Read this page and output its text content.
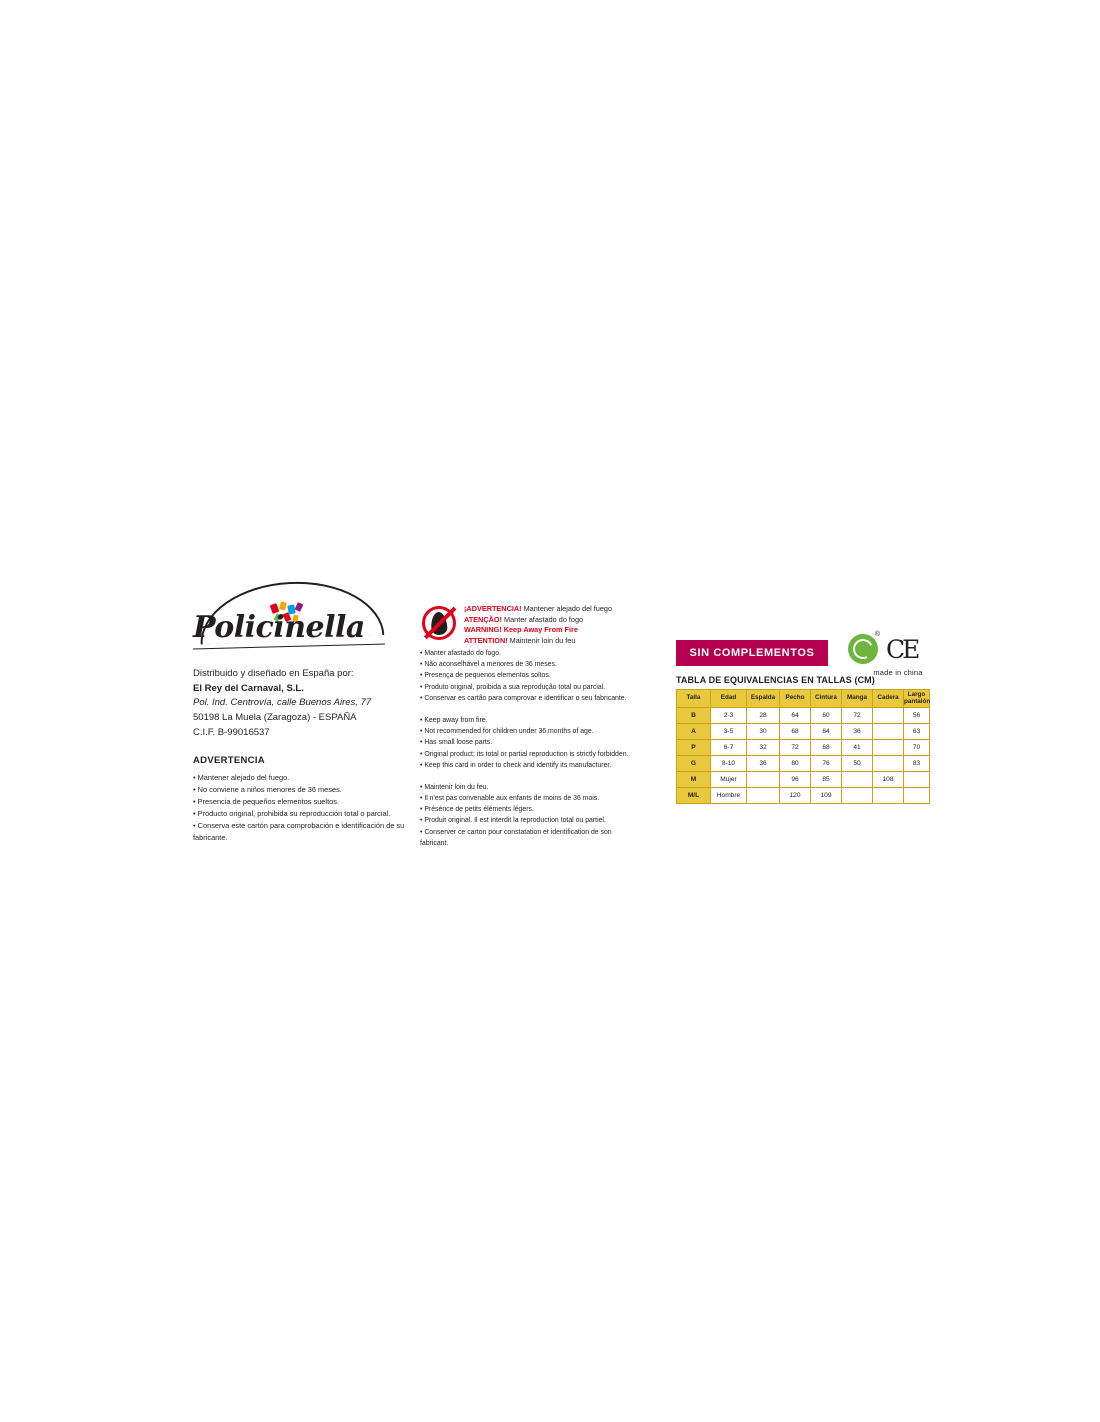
Policinella
Distribuido y diseñado en España por:
El Rey del Carnaval, S.L.
Pol. Ind. Centrovía, calle Buenos Aires, 77
50198 La Muela (Zaragoza) - ESPAÑA
C.I.F. B-99016537
ADVERTENCIA
• Mantener alejado del fuego.
• No conviene a niños menores de 36 meses.
• Presencia de pequeños elementos sueltos.
• Producto original, prohibida su reproducción total o parcial.
• Conserva este cartón para comprobación e identificación de su fabricante.
¡ADVERTENCIA! Mantener alejado del fuego
ATENÇÃO! Manter afastado do fogo
WARNING! Keep Away From Fire
ATTENTION! Maintenir loin du feu
• Manter afastado do fogo.
• Não aconselhável a menores de 36 meses.
• Presença de pequenos elementos soltos.
• Produto original, proibida a sua reprodução total ou parcial.
• Conservar es cartão para comprovar e identificar o seu fabricante.
• Keep away from fire.
• Not recommended for children under 36 months of age.
• Has small loose parts.
• Original product; its total or partial reproduction is strictly forbidden.
• Keep this card in order to check and identify its manufacturer.
• Maintenir loin du feu.
• Il n'est pas convenable aux enfants de moins de 36 mois.
• Présénce de petits éléments légers.
• Produit original. Il est interdit la reproduction total ou partiel.
• Conserver ce carton pour constatation et identification de son fabricant.
SIN COMPLEMENTOS
® CE
made in china
TABLA DE EQUIVALENCIAS EN TALLAS (CM)
Talla	Edad	Espalda	Pecho	Cintura	Manga	Cadera	Largo pantalón
B	2-3	28	64	60	72		56
A	3-5	30	68	64	36		63
P	6-7	32	72	68	41		70
G	8-10	36	80	76	50		83
M	Mujer		96	85		108	
M/L	Hombre		120	109			
